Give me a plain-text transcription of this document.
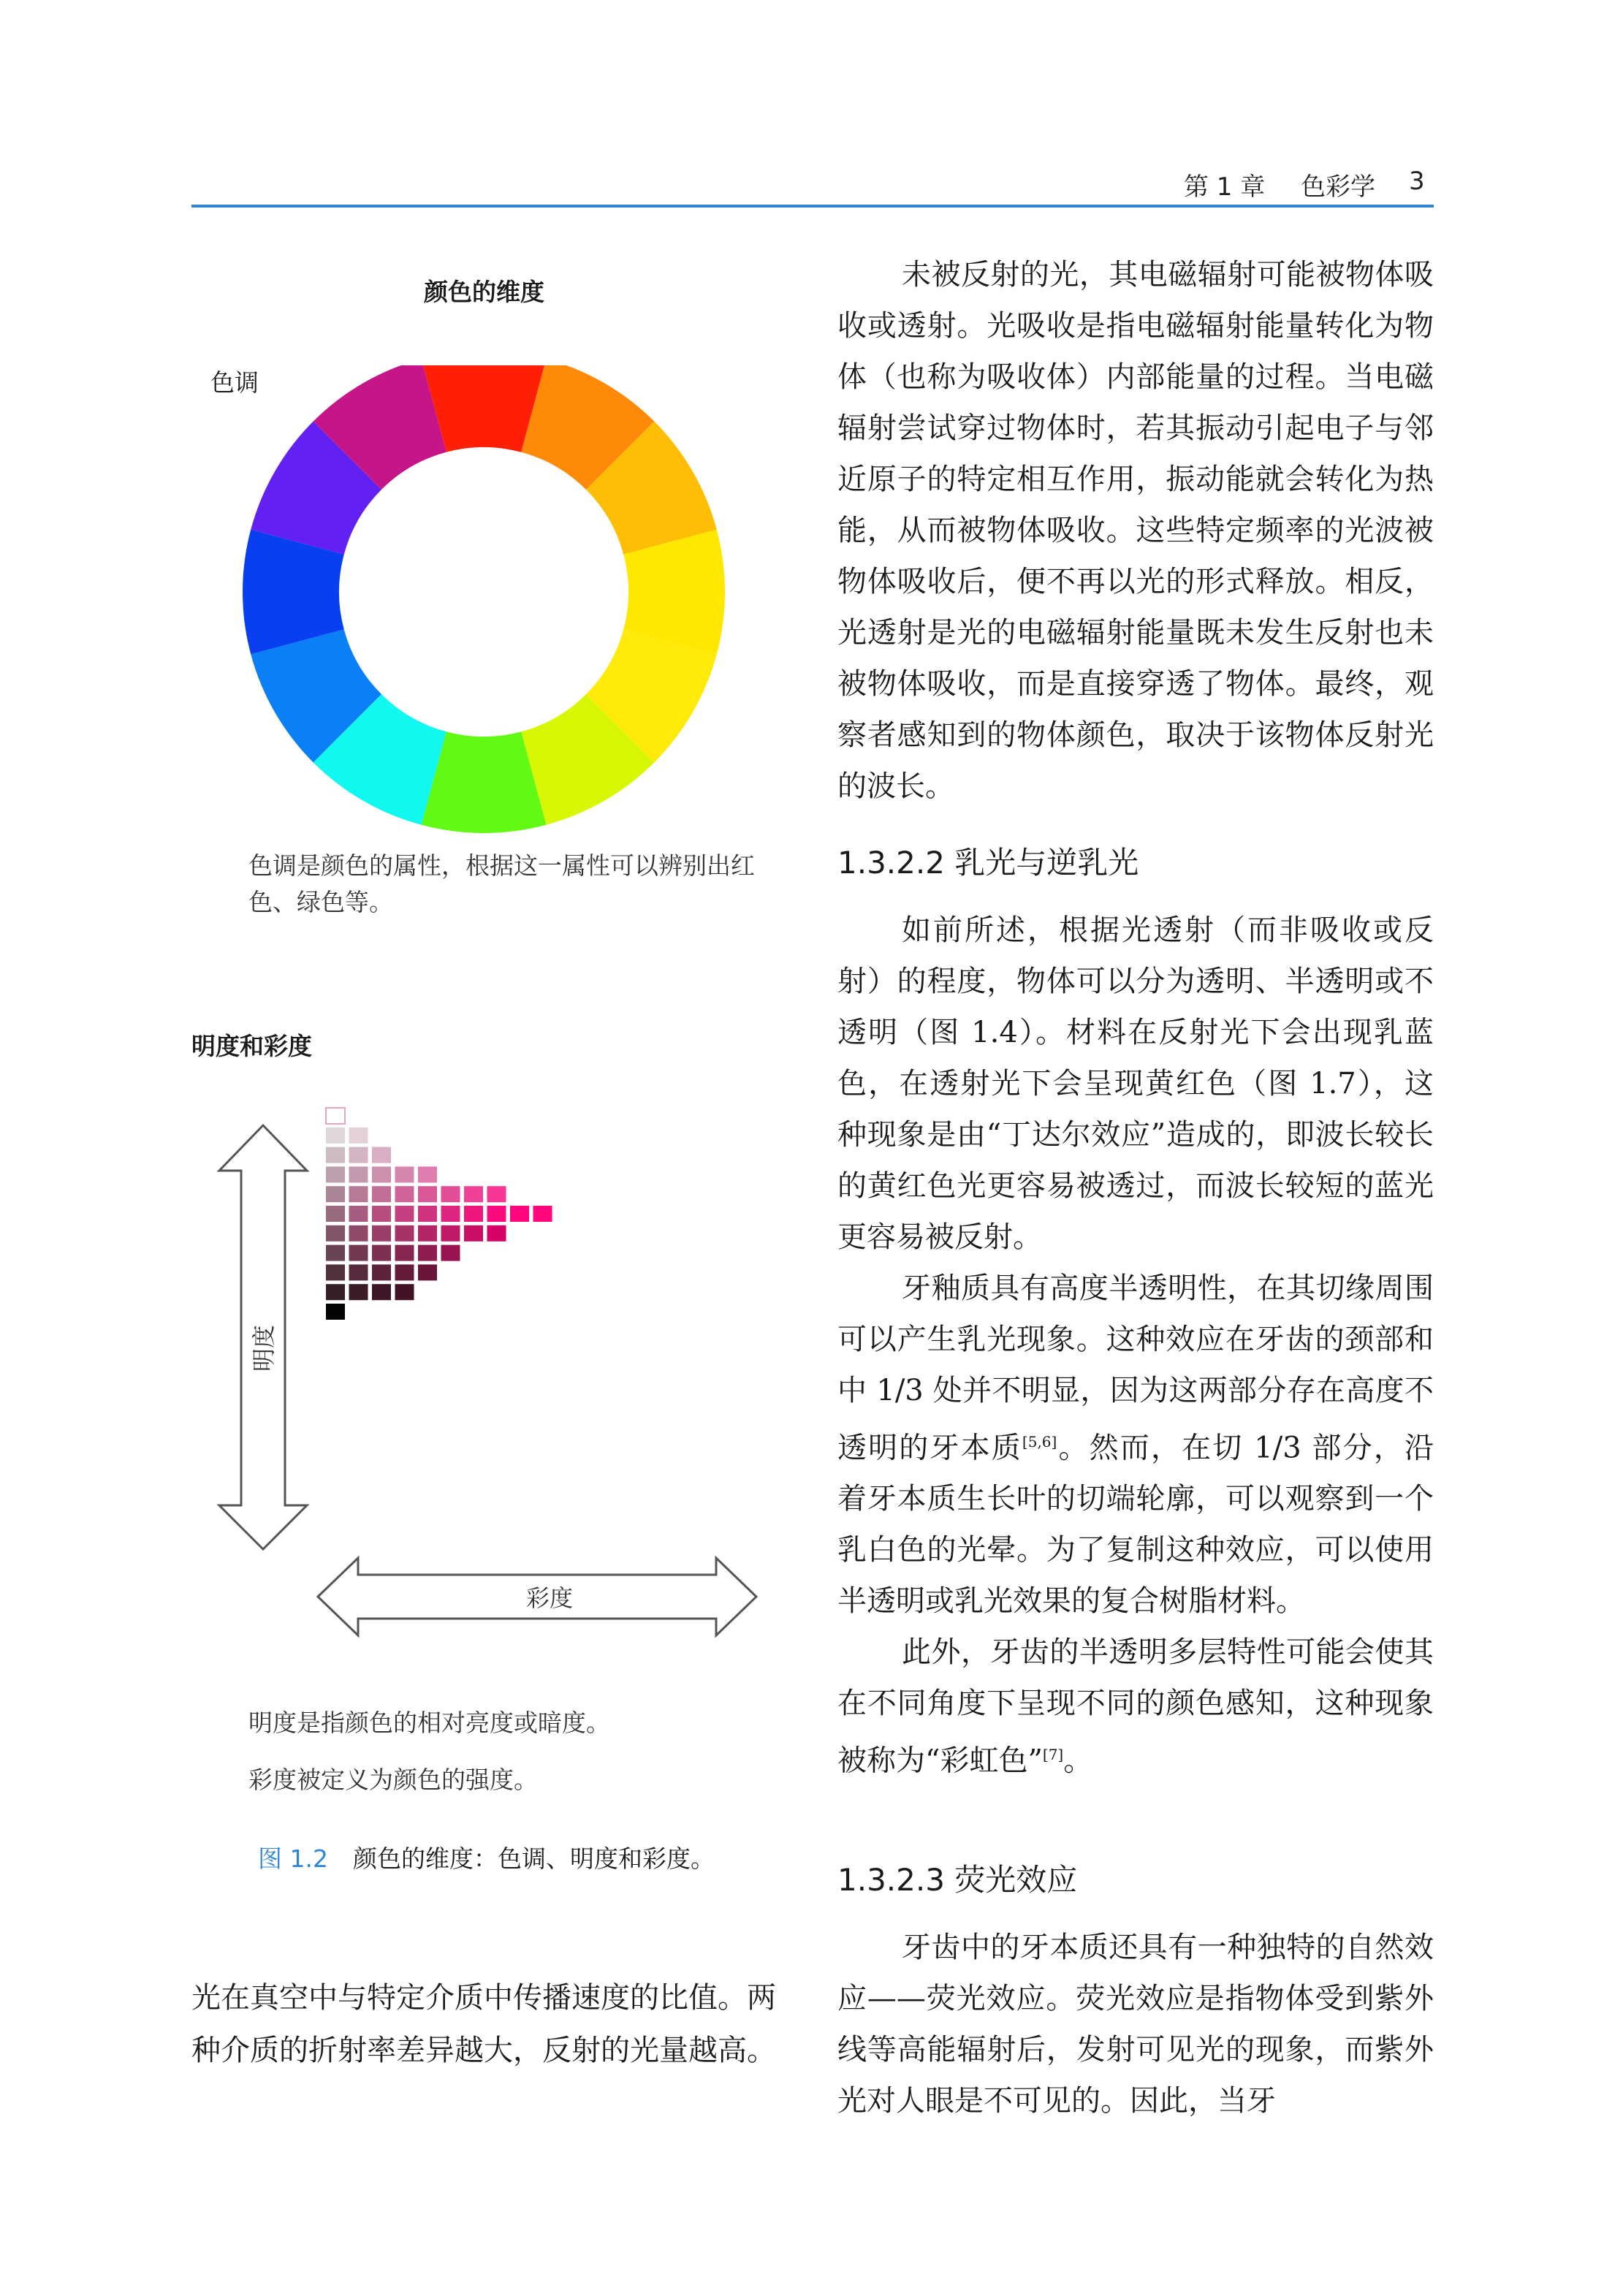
第 1 章 色彩学 3
颜色的维度
色调
色调是颜色的属性，根据这一属性可以辨别出红色、绿色等。
明度和彩度
明度
彩度
明度是指颜色的相对亮度或暗度。
彩度被定义为颜色的强度。
图 1.2 颜色的维度：色调、明度和彩度。
光在真空中与特定介质中传播速度的比值。两种介质的折射率差异越大，反射的光量越高。

未被反射的光，其电磁辐射可能被物体吸收或透射。光吸收是指电磁辐射能量转化为物体（也称为吸收体）内部能量的过程。当电磁辐射尝试穿过物体时，若其振动引起电子与邻近原子的特定相互作用，振动能就会转化为热能，从而被物体吸收。这些特定频率的光波被物体吸收后，便不再以光的形式释放。相反，光透射是光的电磁辐射能量既未发生反射也未被物体吸收，而是直接穿透了物体。最终，观察者感知到的物体颜色，取决于该物体反射光的波长。

1.3.2.2 乳光与逆乳光

如前所述，根据光透射（而非吸收或反射）的程度，物体可以分为透明、半透明或不透明（图 1.4）。材料在反射光下会出现乳蓝色，在透射光下会呈现黄红色（图 1.7），这种现象是由“丁达尔效应”造成的，即波长较长的黄红色光更容易被透过，而波长较短的蓝光更容易被反射。

牙釉质具有高度半透明性，在其切缘周围可以产生乳光现象。这种效应在牙齿的颈部和中 1/3 处并不明显，因为这两部分存在高度不透明的牙本质[5,6]。然而，在切 1/3 部分，沿着牙本质生长叶的切端轮廓，可以观察到一个乳白色的光晕。为了复制这种效应，可以使用半透明或乳光效果的复合树脂材料。

此外，牙齿的半透明多层特性可能会使其在不同角度下呈现不同的颜色感知，这种现象被称为“彩虹色”[7]。

1.3.2.3 荧光效应

牙齿中的牙本质还具有一种独特的自然效应——荧光效应。荧光效应是指物体受到紫外线等高能辐射后，发射可见光的现象，而紫外光对人眼是不可见的。因此，当牙
